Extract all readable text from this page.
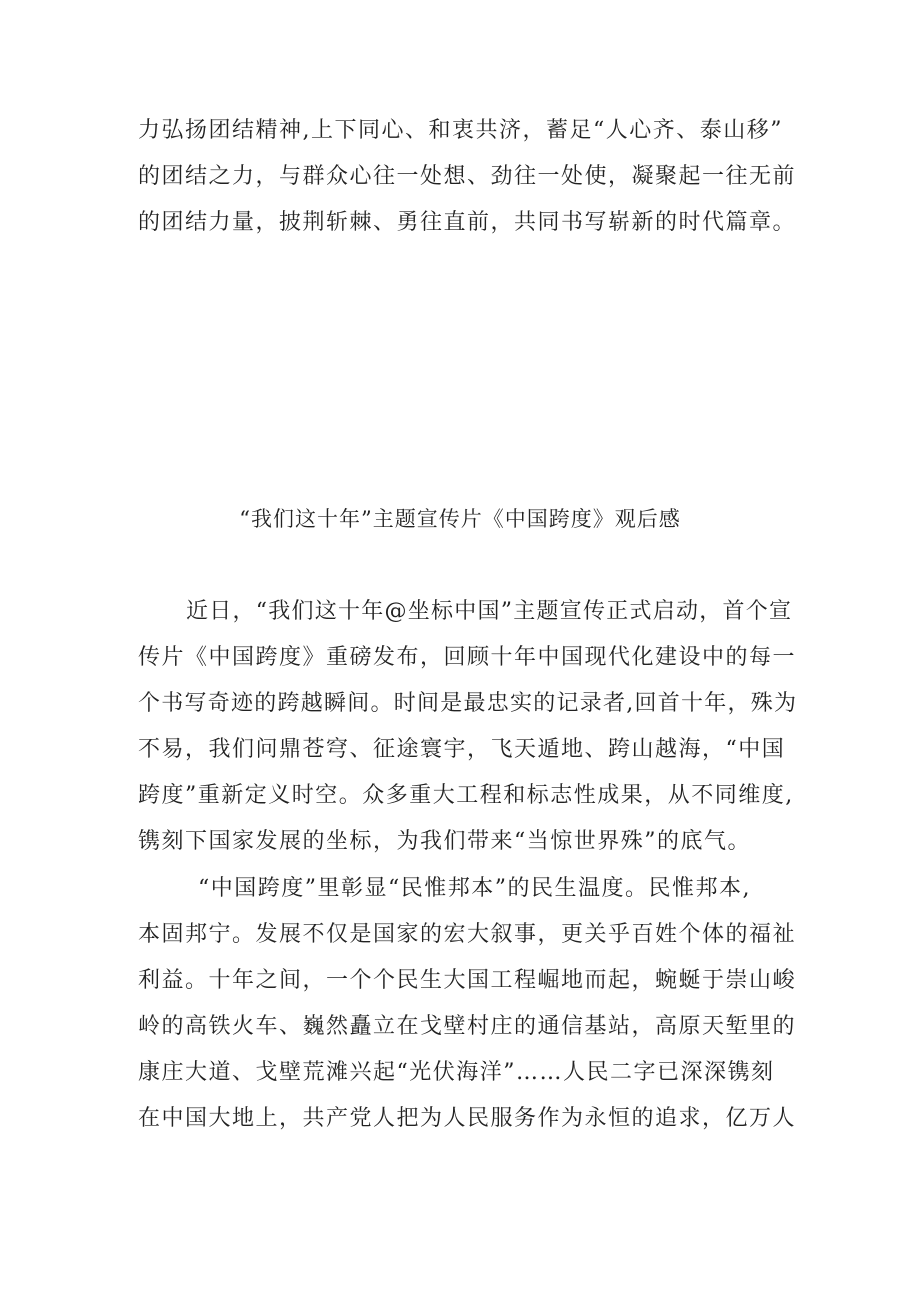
力弘扬团结精神,上下同心、和衷共济，蓄足“人心齐、泰山移”
的团结之力，与群众心往一处想、劲往一处使，凝聚起一往无前
的团结力量，披荆斩棘、勇往直前，共同书写崭新的时代篇章。
“我们这十年”主题宣传片《中国跨度》观后感
近日，“我们这十年@坐标中国”主题宣传正式启动，首个宣
传片《中国跨度》重磅发布，回顾十年中国现代化建设中的每一
个书写奇迹的跨越瞬间。时间是最忠实的记录者,回首十年，殊为
不易，我们问鼎苍穹、征途寰宇，飞天遁地、跨山越海，“中国
跨度”重新定义时空。众多重大工程和标志性成果，从不同维度,
镌刻下国家发展的坐标，为我们带来“当惊世界殊”的底气。
“中国跨度”里彰显“民惟邦本”的民生温度。民惟邦本,
本固邦宁。发展不仅是国家的宏大叙事，更关乎百姓个体的福祉
利益。十年之间，一个个民生大国工程崛地而起，蜿蜒于崇山峻
岭的高铁火车、巍然矗立在戈壁村庄的通信基站，高原天堑里的
康庄大道、戈壁荒滩兴起“光伏海洋”……人民二字已深深镌刻
在中国大地上，共产党人把为人民服务作为永恒的追求，亿万人
